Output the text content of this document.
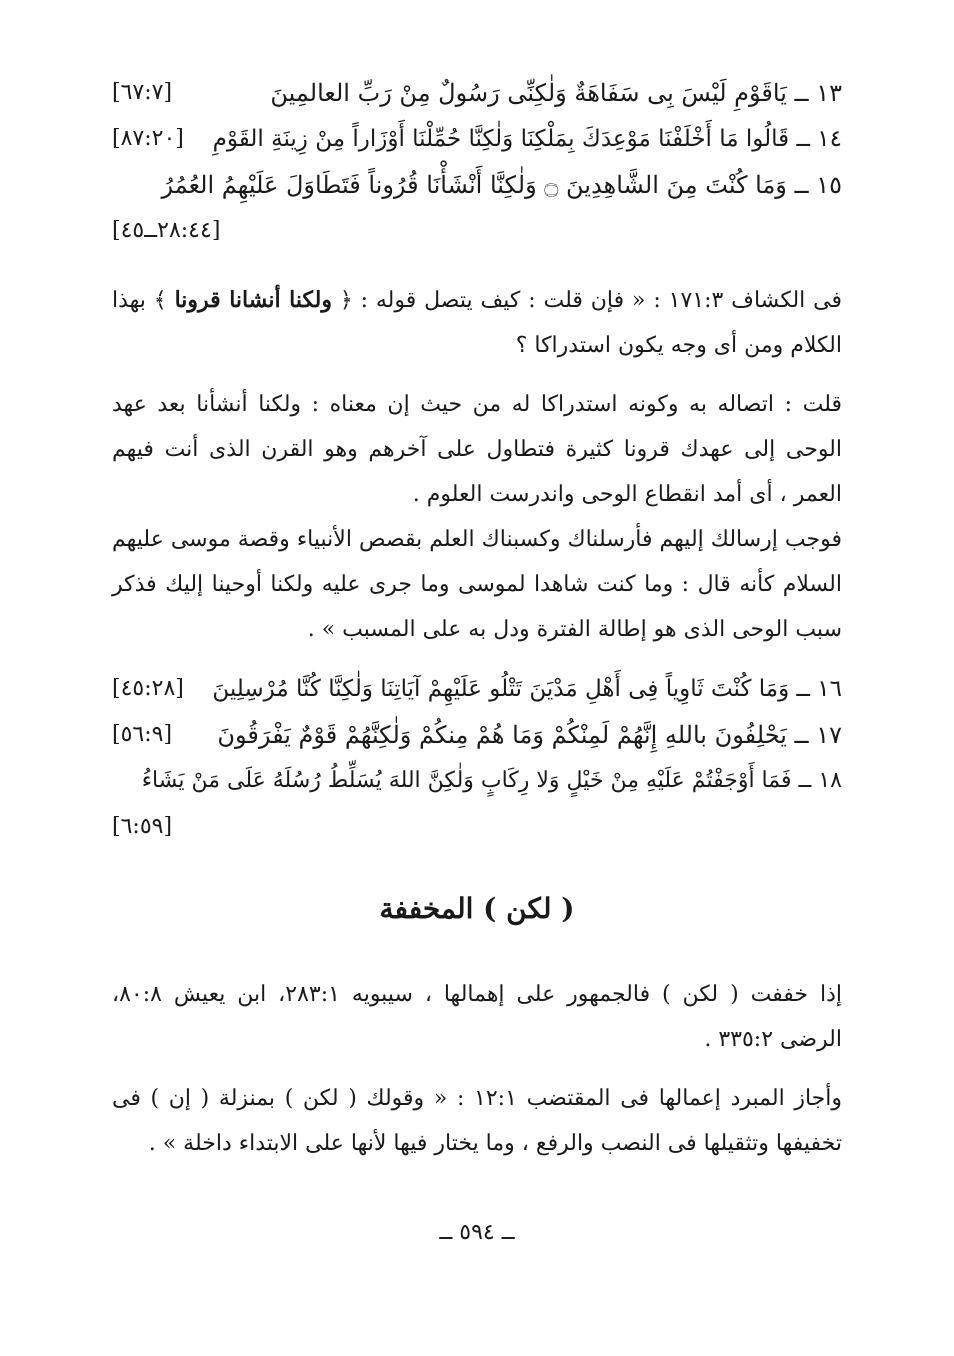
١٣ ــ يَاقَوْمِ لَيْسَ بِى سَفَاهَةٌ وَلٰكِنِّى رَسُولٌ مِنْ رَبِّ العالمِينَ
[٦٧:٧]
١٤ ــ قَالُوا مَا أَخْلَفْنَا مَوْعِدَكَ بِمَلْكِنَا وَلٰكِنَّا حُمِّلْنَا أَوْزَاراً مِنْ زِينَةِ القَوْمِ
[٨٧:٢٠]
١٥ ــ وَمَا كُنْتَ مِنَ الشَّاهِدِينَ ۝ وَلٰكِنَّا أَنْشَأْنَا قُرُوناً فَتَطَاوَلَ عَلَيْهِمُ العُمُرُ
[٢٨:٤٤ــ٤٥]
فى الكشاف ١٧١:٣ : « فإن قلت : كيف يتصل قوله : ﴿ ولكنا أنشانا قرونا ﴾ بهذا الكلام ومن أى وجه يكون استدراكا ؟
قلت : اتصاله به وكونه استدراكا له من حيث إن معناه : ولكنا أنشأنا بعد عهد الوحى إلى عهدك قرونا كثيرة فتطاول على آخرهم وهو القرن الذى أنت فيهم العمر ، أى أمد انقطاع الوحى واندرست العلوم .
فوجب إرسالك إليهم فأرسلناك وكسبناك العلم بقصص الأنبياء وقصة موسى عليهم السلام كأنه قال : وما كنت شاهدا لموسى وما جرى عليه ولكنا أوحينا إليك فذكر سبب الوحى الذى هو إطالة الفترة ودل به على المسبب » .
١٦ ــ وَمَا كُنْتَ ثَاوِياً فِى أَهْلِ مَدْيَنَ تَتْلُو عَلَيْهِمْ آيَاتِنَا وَلٰكِنَّا كُنَّا مُرْسِلِينَ
[٤٥:٢٨]
١٧ ــ يَحْلِفُونَ باللهِ إِنَّهُمْ لَمِنْكُمْ وَمَا هُمْ مِنكُمْ وَلٰكِنَّهُمْ قَوْمٌ يَفْرَقُونَ
[٥٦:٩]
١٨ ــ فَمَا أَوْجَفْتُمْ عَلَيْهِ مِنْ خَيْلٍ وَلا رِكَابٍ وَلٰكِنَّ اللهَ يُسَلِّطُ رُسُلَهُ عَلَى مَنْ يَشَاءُ
[٦:٥٩]
( لكن ) المخففة
إذا خففت ( لكن ) فالجمهور على إهمالها ، سيبويه ٢٨٣:١، ابن يعيش ٨٠:٨، الرضى ٣٣٥:٢ .
وأجاز المبرد إعمالها فى المقتضب ١٢:١ : « وقولك ( لكن ) بمنزلة ( إن ) فى تخفيفها وتثقيلها فى النصب والرفع ، وما يختار فيها لأنها على الابتداء داخلة » .
ــ ٥٩٤ ــ
